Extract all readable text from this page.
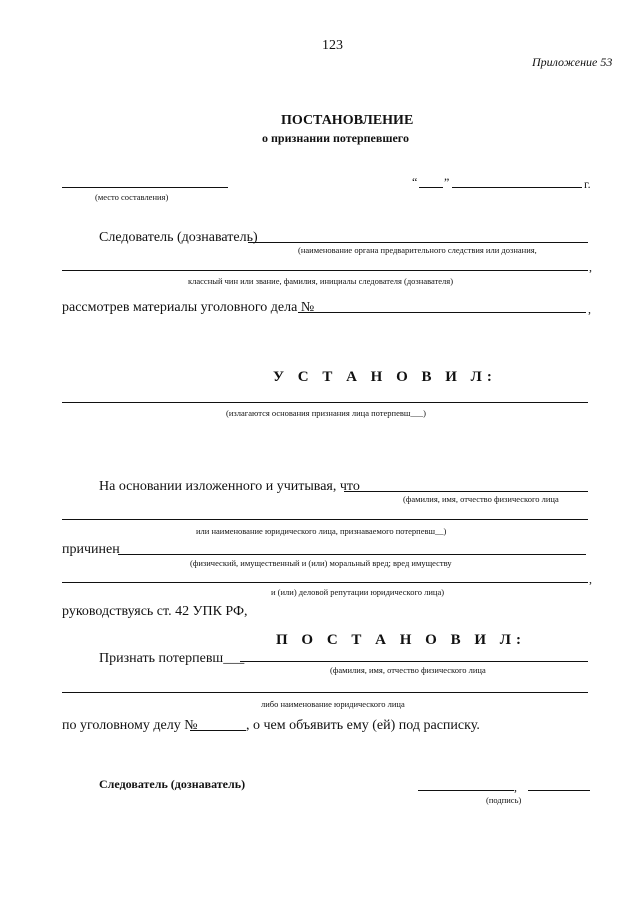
123
Приложение 53
ПОСТАНОВЛЕНИЕ
о признании потерпевшего
(место составления)
“ ”	г.
Следователь (дознаватель)
(наименование органа предварительного следствия или дознания,
,
классный чин или звание, фамилия, инициалы следователя (дознавателя)
рассмотрев материалы уголовного дела №	,
У С Т А Н О В И Л:
(излагаются основания признания лица потерпевш___)
На основании изложенного и учитывая, что
(фамилия, имя, отчество физического лица
или наименование юридического лица, признаваемого потерпевш__)
причинен
(физический, имущественный и (или) моральный вред; вред имуществу
,
и (или) деловой репутации юридического лица)
руководствуясь ст. 42 УПК РФ,
П О С Т А Н О В И Л:
Признать потерпевш___
(фамилия, имя, отчество физического лица
либо наименование юридического лица
по уголовному делу №	, о чем объявить ему (ей) под расписку.
Следователь (дознаватель)	,
(подпись)
